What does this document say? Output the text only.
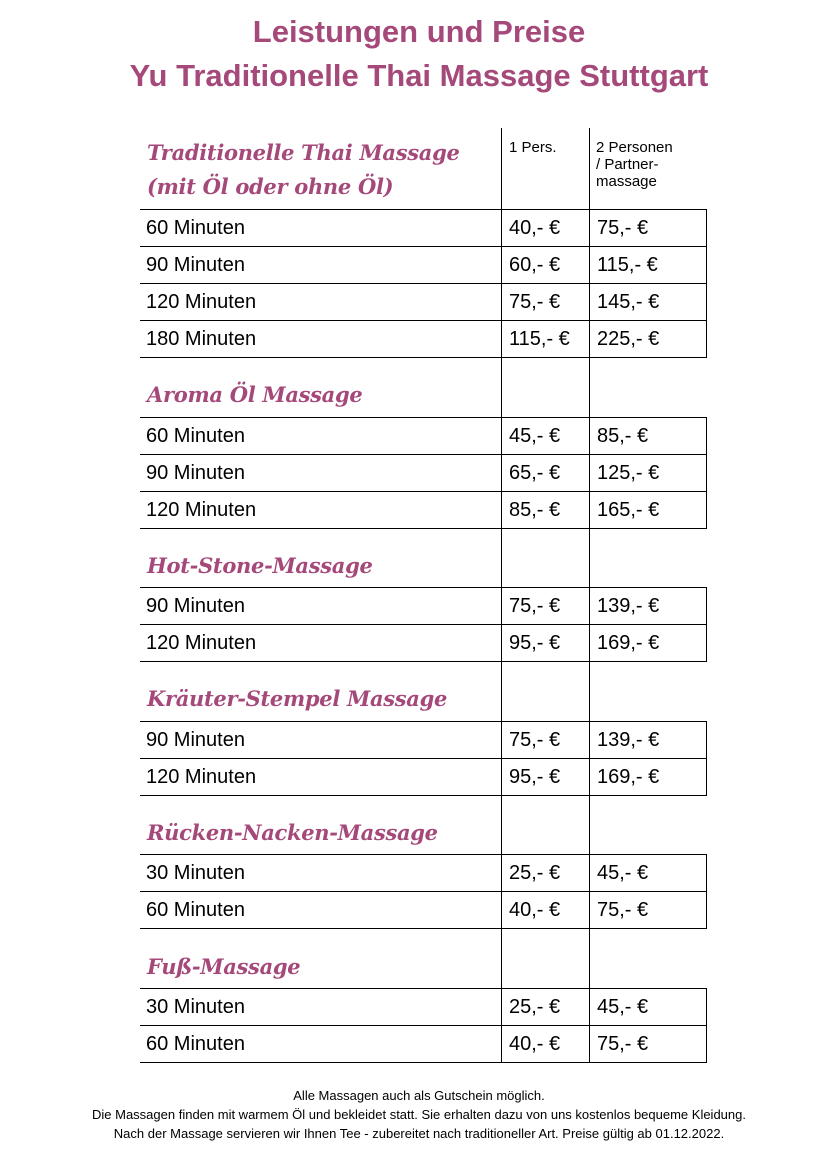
Leistungen und Preise
Yu Traditionelle Thai Massage Stuttgart
1 Pers.	2 Personen
/ Partner-
massage
Traditionelle Thai Massage
(mit Öl oder ohne Öl)
60 Minuten	40,- € 75,- €
90 Minuten	60,- € 115,- €
120 Minuten	75,- € 145,- €
180 Minuten	115,- € 225,- €
Aroma Öl Massage
60 Minuten	45,- € 85,- €
90 Minuten	65,- € 125,- €
120 Minuten	85,- € 165,- €
Hot-Stone-Massage
90 Minuten	75,- € 139,- €
120 Minuten	95,- € 169,- €
Kräuter-Stempel Massage
90 Minuten	75,- € 139,- €
120 Minuten	95,- € 169,- €
Rücken-Nacken-Massage
30 Minuten	25,- € 45,- €
60 Minuten	40,- € 75,- €
Fuß-Massage
30 Minuten	25,- € 45,- €
60 Minuten	40,- € 75,- €
Alle Massagen auch als Gutschein möglich.
Die Massagen finden mit warmem Öl und bekleidet statt. Sie erhalten dazu von uns kostenlos bequeme Kleidung.
Nach der Massage servieren wir Ihnen Tee - zubereitet nach traditioneller Art. Preise gültig ab 01.12.2022.
